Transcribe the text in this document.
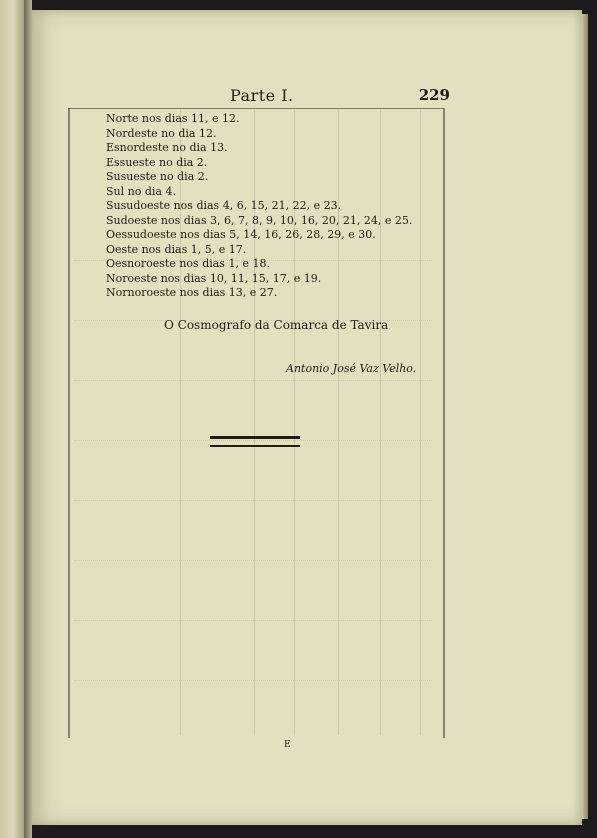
Parte I.	229
Norte nos dias 11, e 12.
Nordeste no dia 12.
Esnordeste no dia 13.
Essueste no dia 2.
Susueste no dia 2.
Sul no dia 4.
Susudoeste nos dias 4, 6, 15, 21, 22, e 23.
Sudoeste nos dias 3, 6, 7, 8, 9, 10, 16, 20, 21, 24, e 25.
Oessudoeste nos dias 5, 14, 16, 26, 28, 29, e 30.
Oeste nos dias 1, 5, e 17.
Oesnoroeste nos dias 1, e 18.
Noroeste nos dias 10, 11, 15, 17, e 19.
Nornoroeste nos dias 13, e 27.
O Cosmografo da Comarca de Tavira
Antonio José Vaz Velho.
E
